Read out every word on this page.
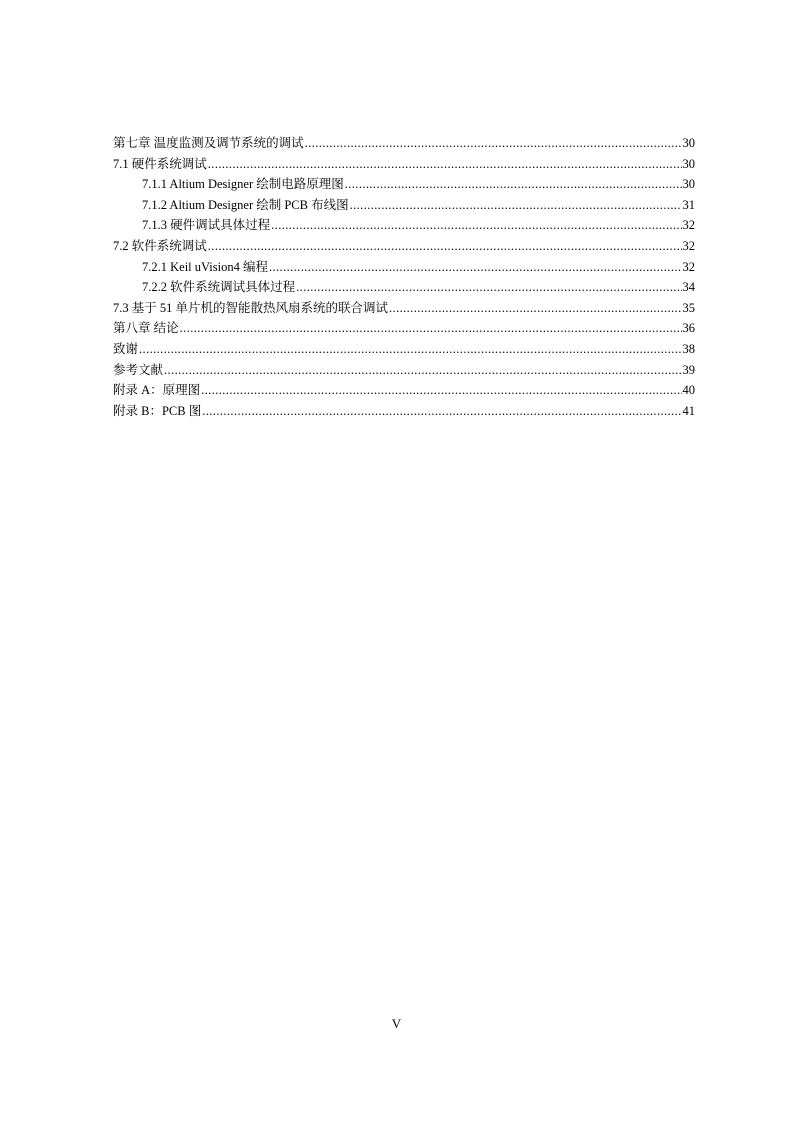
第七章 温度监测及调节系统的调试 .....	30
7.1 硬件系统调试 .....	30
7.1.1 Altium Designer 绘制电路原理图 .....	30
7.1.2 Altium Designer 绘制 PCB 布线图 .....	31
7.1.3 硬件调试具体过程 .....	32
7.2 软件系统调试 .....	32
7.2.1 Keil uVision4 编程 .....	32
7.2.2 软件系统调试具体过程 .....	34
7.3 基于 51 单片机的智能散热风扇系统的联合调试 .....	35
第八章 结论 .....	36
致谢 .....	38
参考文献 .....	39
附录 A：原理图 .....	40
附录 B：PCB 图 .....	41
V
